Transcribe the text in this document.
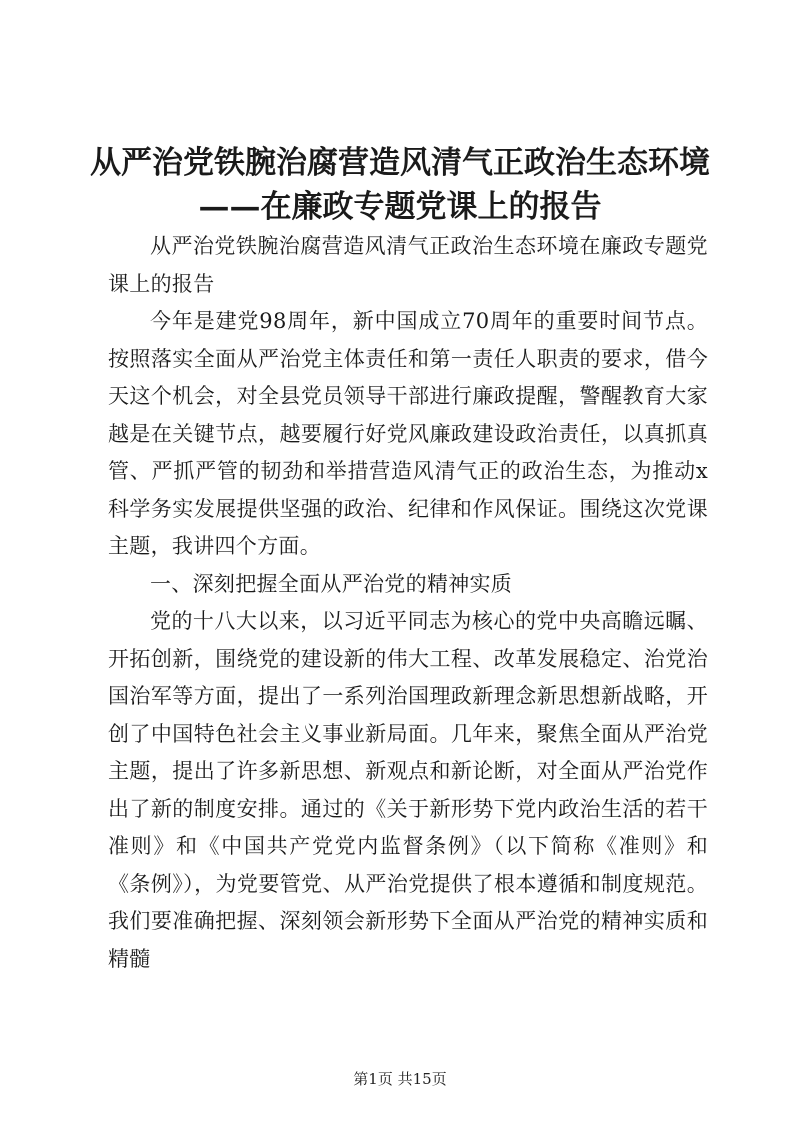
从严治党铁腕治腐营造风清气正政治生态环境
——在廉政专题党课上的报告

从严治党铁腕治腐营造风清气正政治生态环境在廉政专题党课上的报告

今年是建党98周年，新中国成立70周年的重要时间节点。按照落实全面从严治党主体责任和第一责任人职责的要求，借今天这个机会，对全县党员领导干部进行廉政提醒，警醒教育大家越是在关键节点，越要履行好党风廉政建设政治责任，以真抓真管、严抓严管的韧劲和举措营造风清气正的政治生态，为推动x科学务实发展提供坚强的政治、纪律和作风保证。围绕这次党课主题，我讲四个方面。

一、深刻把握全面从严治党的精神实质

党的十八大以来，以习近平同志为核心的党中央高瞻远瞩、开拓创新，围绕党的建设新的伟大工程、改革发展稳定、治党治国治军等方面，提出了一系列治国理政新理念新思想新战略，开创了中国特色社会主义事业新局面。几年来，聚焦全面从严治党主题，提出了许多新思想、新观点和新论断，对全面从严治党作出了新的制度安排。通过的《关于新形势下党内政治生活的若干准则》和《中国共产党党内监督条例》（以下简称《准则》和《条例》），为党要管党、从严治党提供了根本遵循和制度规范。我们要准确把握、深刻领会新形势下全面从严治党的精神实质和精髓

第1页 共15页
